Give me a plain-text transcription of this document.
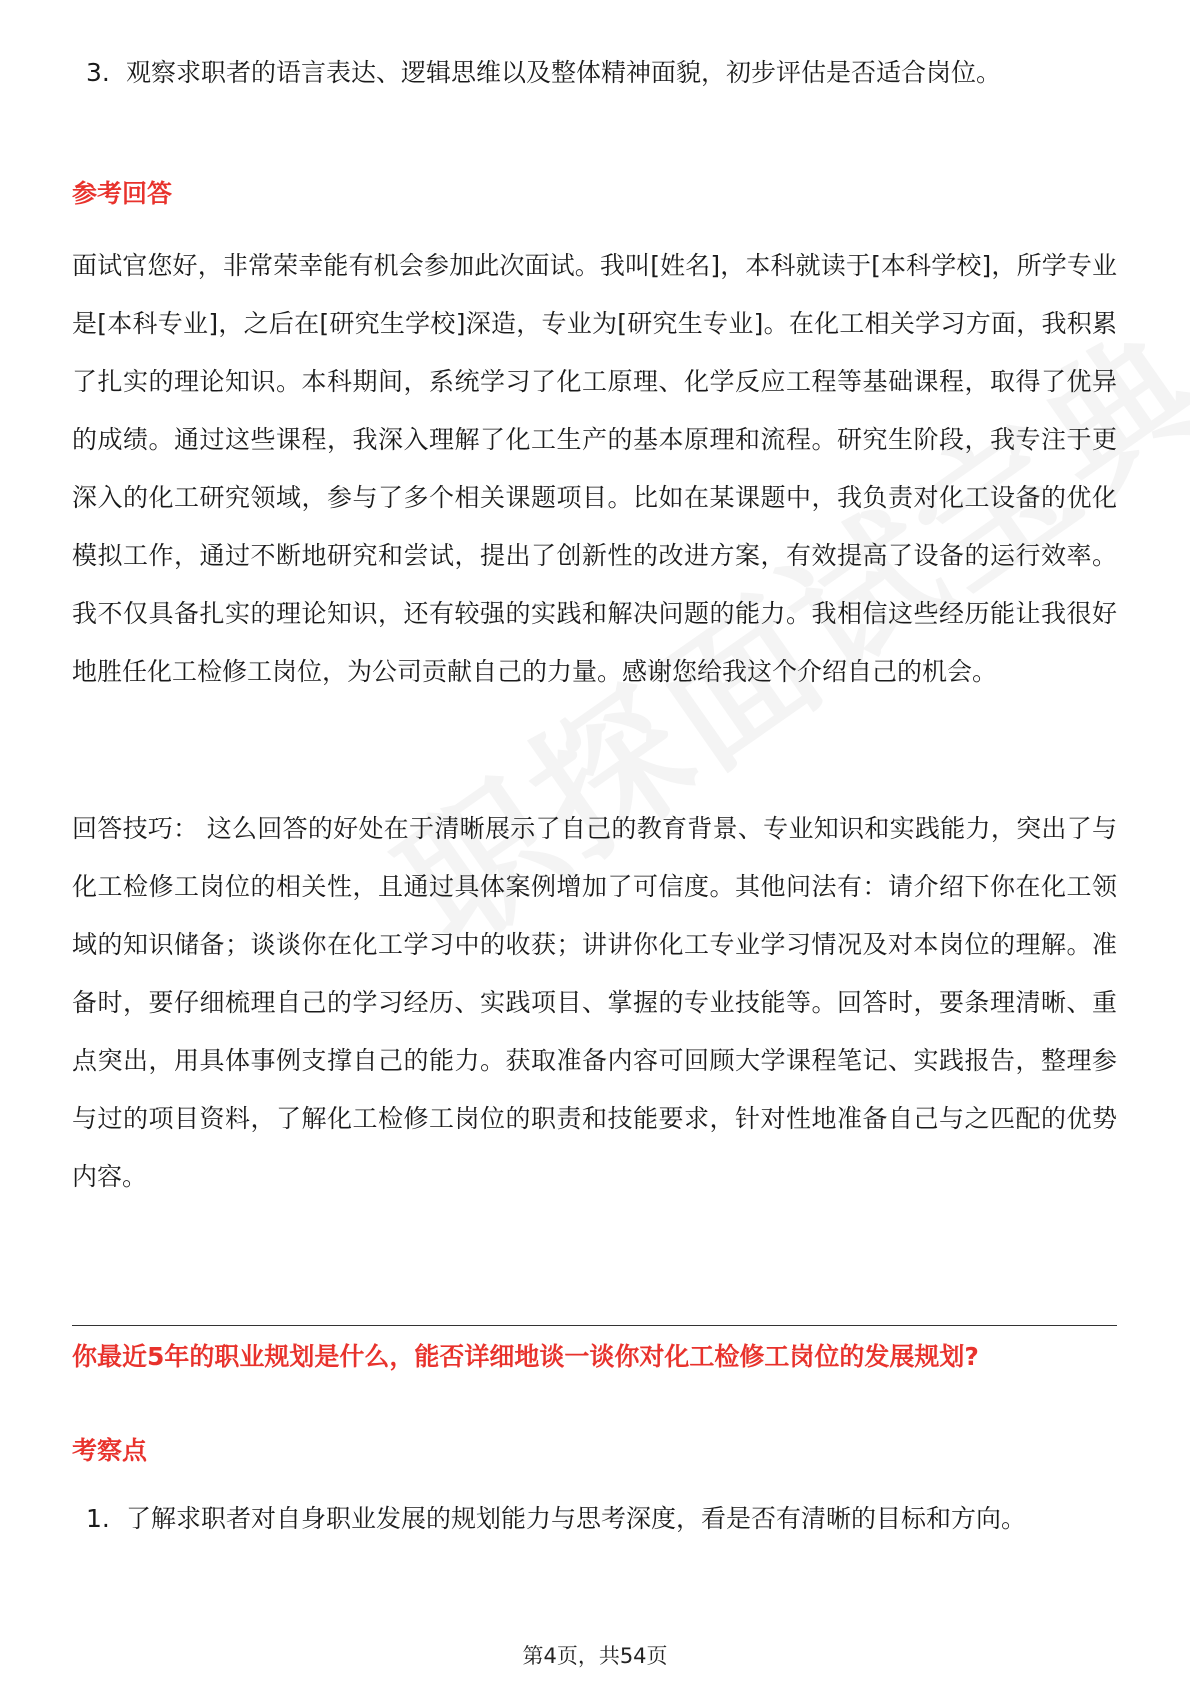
3. 观察求职者的语言表达、逻辑思维以及整体精神面貌，初步评估是否适合岗位。
参考回答
面试官您好，非常荣幸能有机会参加此次面试。我叫[姓名]，本科就读于[本科学校]，所学专业是[本科专业]，之后在[研究生学校]深造，专业为[研究生专业]。在化工相关学习方面，我积累了扎实的理论知识。本科期间，系统学习了化工原理、化学反应工程等基础课程，取得了优异的成绩。通过这些课程，我深入理解了化工生产的基本原理和流程。研究生阶段，我专注于更深入的化工研究领域，参与了多个相关课题项目。比如在某课题中，我负责对化工设备的优化模拟工作，通过不断地研究和尝试，提出了创新性的改进方案，有效提高了设备的运行效率。我不仅具备扎实的理论知识，还有较强的实践和解决问题的能力。我相信这些经历能让我很好地胜任化工检修工岗位，为公司贡献自己的力量。感谢您给我这个介绍自己的机会。
回答技巧： 这么回答的好处在于清晰展示了自己的教育背景、专业知识和实践能力，突出了与化工检修工岗位的相关性，且通过具体案例增加了可信度。其他问法有：请介绍下你在化工领域的知识储备；谈谈你在化工学习中的收获；讲讲你化工专业学习情况及对本岗位的理解。准备时，要仔细梳理自己的学习经历、实践项目、掌握的专业技能等。回答时，要条理清晰、重点突出，用具体事例支撑自己的能力。获取准备内容可回顾大学课程笔记、实践报告，整理参与过的项目资料，了解化工检修工岗位的职责和技能要求，针对性地准备自己与之匹配的优势内容。
你最近5年的职业规划是什么，能否详细地谈一谈你对化工检修工岗位的发展规划?
考察点
1. 了解求职者对自身职业发展的规划能力与思考深度，看是否有清晰的目标和方向。
第4页，共54页
